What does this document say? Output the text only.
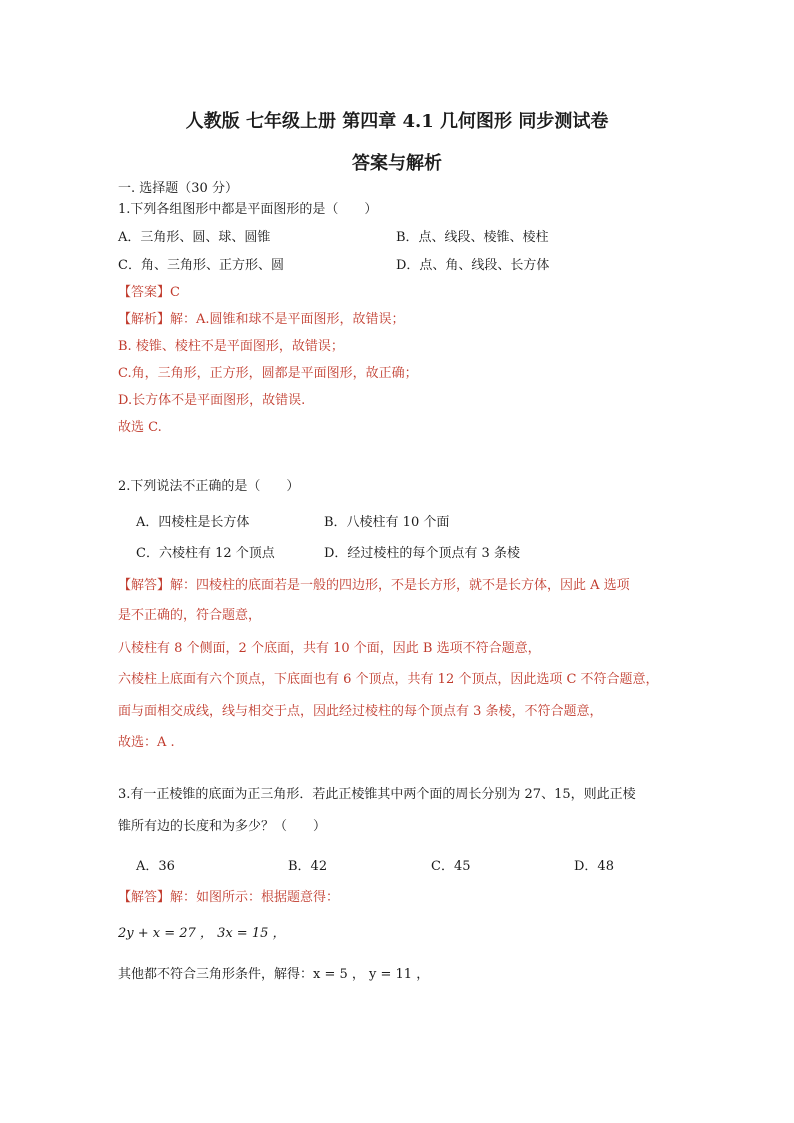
人教版 七年级上册 第四章 4.1 几何图形 同步测试卷
答案与解析
一. 选择题（30 分）
1.下列各组图形中都是平面图形的是（　　）
A．三角形、圆、球、圆锥	B．点、线段、棱锥、棱柱
C．角、三角形、正方形、圆	D．点、角、线段、长方体
【答案】C
【解析】解：A.圆锥和球不是平面图形，故错误；
B. 棱锥、棱柱不是平面图形，故错误；
C.角，三角形，正方形，圆都是平面图形，故正确；
D.长方体不是平面图形，故错误.
故选 C.
2.下列说法不正确的是（　　）
A．四棱柱是长方体	B．八棱柱有 10 个面
C．六棱柱有 12 个顶点	D．经过棱柱的每个顶点有 3 条棱
【解答】解：四棱柱的底面若是一般的四边形，不是长方形，就不是长方体，因此 A 选项
是不正确的，符合题意，
八棱柱有 8 个侧面，2 个底面，共有 10 个面，因此 B 选项不符合题意，
六棱柱上底面有六个顶点，下底面也有 6 个顶点，共有 12 个顶点，因此选项 C 不符合题意，
面与面相交成线，线与相交于点，因此经过棱柱的每个顶点有 3 条棱，不符合题意，
故选：A .
3.有一正棱锥的底面为正三角形．若此正棱锥其中两个面的周长分别为 27、15，则此正棱
锥所有边的长度和为多少？（　　）
A．36	B．42	C．45	D．48
【解答】解：如图所示：根据题意得：
2y + x = 27 ， 3x = 15 ，
其他都不符合三角形条件，解得：x = 5 ， y = 11 ，
